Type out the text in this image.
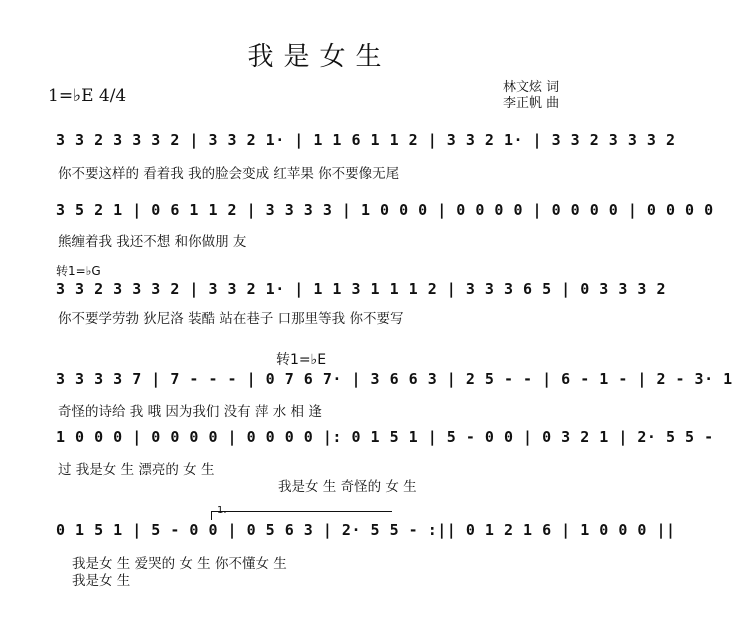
我是女生
1=♭E 4/4	林文炫 词
李正帆 曲
3 3 2 3 3 3 2 | 3 3 2 1· | 1 1 6 1 1 2 | 3 3 2 1· | 3 3 2 3 3 3 2
你不要这样的 看着我 我的脸会变成 红苹果 你不要像无尾
3 5 2 1 | 0 6 1 1 2 | 3 3 3 3 | 1 0 0 0 | 0 0 0 0 | 0 0 0 0 | 0 0 0 0
熊缠着我 我还不想 和你做朋 友
转1=♭G
3 3 2 3 3 3 2 | 3 3 2 1· | 1 1 3 1 1 1 2 | 3 3 3 6 5 | 0 3 3 3 2
你不要学劳勃 狄尼洛 装酷 站在巷子 口那里等我 你不要写
转1=♭E
3 3 3 3 7 | 7 - - - | 0 7 6 7· | 3 6 6 3 | 2 5 - - | 6 - 1 - | 2 - 3· 1
奇怪的诗给 我 哦 因为我们 没有 萍 水 相 逢
1 0 0 0 | 0 0 0 0 | 0 0 0 0 |: 0 1 5 1 | 5 - 0 0 | 0 3 2 1 | 2· 5 5 -
过 我是女 生 漂亮的 女 生
我是女 生 奇怪的 女 生
1.
0 1 5 1 | 5 - 0 0 | 0 5 6 3 | 2· 5 5 - :|| 0 1 2 1 6 | 1 0 0 0 ||
我是女 生 爱哭的 女 生 你不懂女 生
我是女 生
